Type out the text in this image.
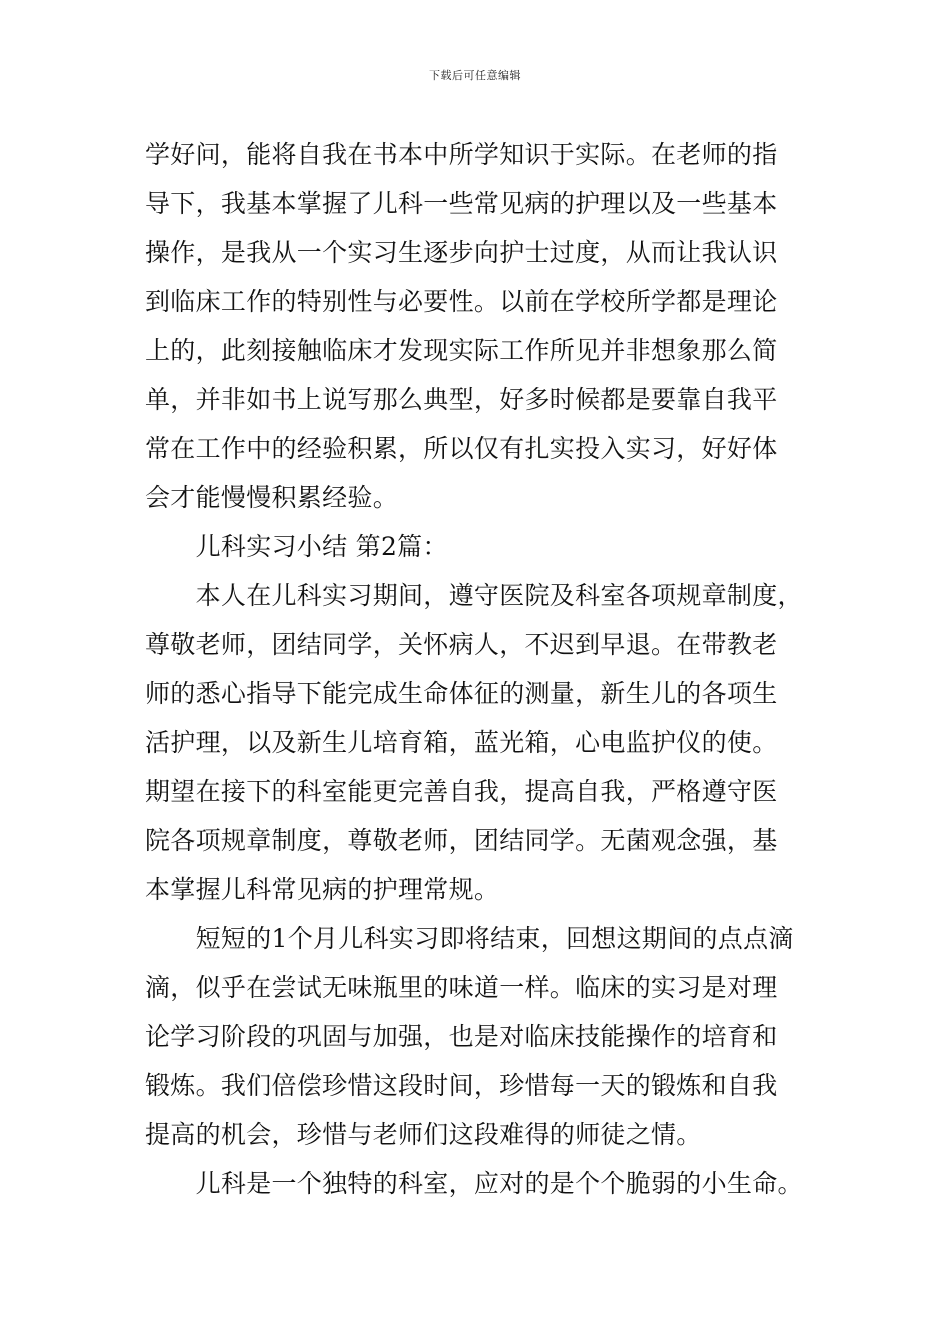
下载后可任意编辑
学好问，能将自我在书本中所学知识于实际。在老师的指
导下，我基本掌握了儿科一些常见病的护理以及一些基本
操作，是我从一个实习生逐步向护士过度，从而让我认识
到临床工作的特别性与必要性。以前在学校所学都是理论
上的，此刻接触临床才发现实际工作所见并非想象那么简
单，并非如书上说写那么典型，好多时候都是要靠自我平
常在工作中的经验积累，所以仅有扎实投入实习，好好体
会才能慢慢积累经验。
　　儿科实习小结 第2篇：
　　本人在儿科实习期间，遵守医院及科室各项规章制度，
尊敬老师，团结同学，关怀病人，不迟到早退。在带教老
师的悉心指导下能完成生命体征的测量，新生儿的各项生
活护理，以及新生儿培育箱，蓝光箱，心电监护仪的使。
期望在接下的科室能更完善自我，提高自我，严格遵守医
院各项规章制度，尊敬老师，团结同学。无菌观念强，基
本掌握儿科常见病的护理常规。
　　短短的1个月儿科实习即将结束，回想这期间的点点滴
滴，似乎在尝试无味瓶里的味道一样。临床的实习是对理
论学习阶段的巩固与加强，也是对临床技能操作的培育和
锻炼。我们倍偿珍惜这段时间，珍惜每一天的锻炼和自我
提高的机会，珍惜与老师们这段难得的师徒之情。
　　儿科是一个独特的科室，应对的是个个脆弱的小生命。
